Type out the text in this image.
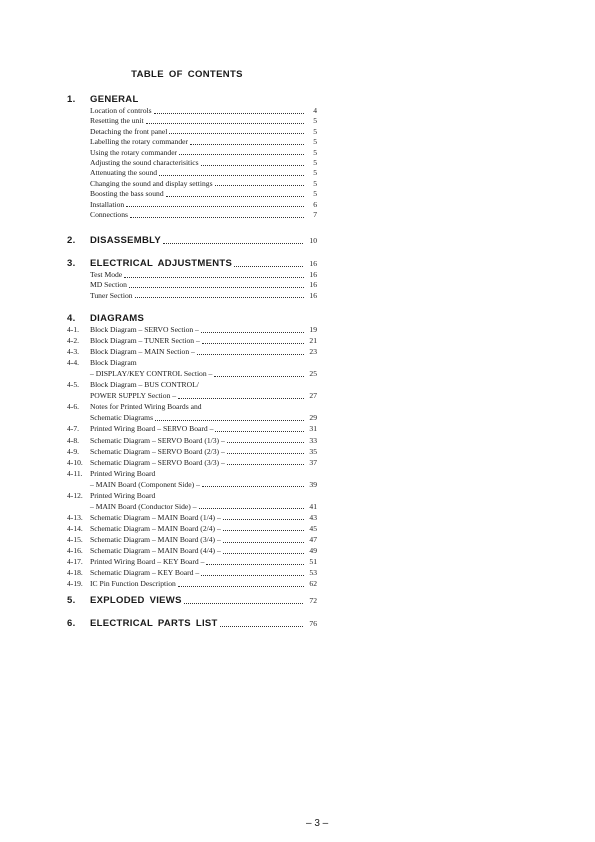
TABLE OF CONTENTS
1. GENERAL
Location of controls	4
Resetting the unit	5
Detaching the front panel	5
Labelling the rotary commander	5
Using the rotary commander	5
Adjusting the sound characterisitics	5
Attenuating the sound	5
Changing the sound and display settings	5
Boosting the bass sound	5
Installation	6
Connections	7
2. DISASSEMBLY	10
3. ELECTRICAL ADJUSTMENTS	16
Test Mode	16
MD Section	16
Tuner Section	16
4. DIAGRAMS
4-1. Block Diagram – SERVO Section –	19
4-2. Block Diagram – TUNER Section –	21
4-3. Block Diagram – MAIN Section –	23
4-4. Block Diagram
– DISPLAY/KEY CONTROL Section –	25
4-5. Block Diagram – BUS CONTROL/
POWER SUPPLY Section –	27
4-6. Notes for Printed Wiring Boards and
Schematic Diagrams	29
4-7. Printed Wiring Board – SERVO Board –	31
4-8. Schematic Diagram – SERVO Board (1/3) –	33
4-9. Schematic Diagram – SERVO Board (2/3) –	35
4-10. Schematic Diagram – SERVO Board (3/3) –	37
4-11. Printed Wiring Board
– MAIN Board (Component Side) –	39
4-12. Printed Wiring Board
– MAIN Board (Conductor Side) –	41
4-13. Schematic Diagram – MAIN Board (1/4) –	43
4-14. Schematic Diagram – MAIN Board (2/4) –	45
4-15. Schematic Diagram – MAIN Board (3/4) –	47
4-16. Schematic Diagram – MAIN Board (4/4) –	49
4-17. Printed Wiring Board – KEY Board –	51
4-18. Schematic Diagram – KEY Board –	53
4-19. IC Pin Function Description	62
5. EXPLODED VIEWS	72
6. ELECTRICAL PARTS LIST	76
– 3 –
